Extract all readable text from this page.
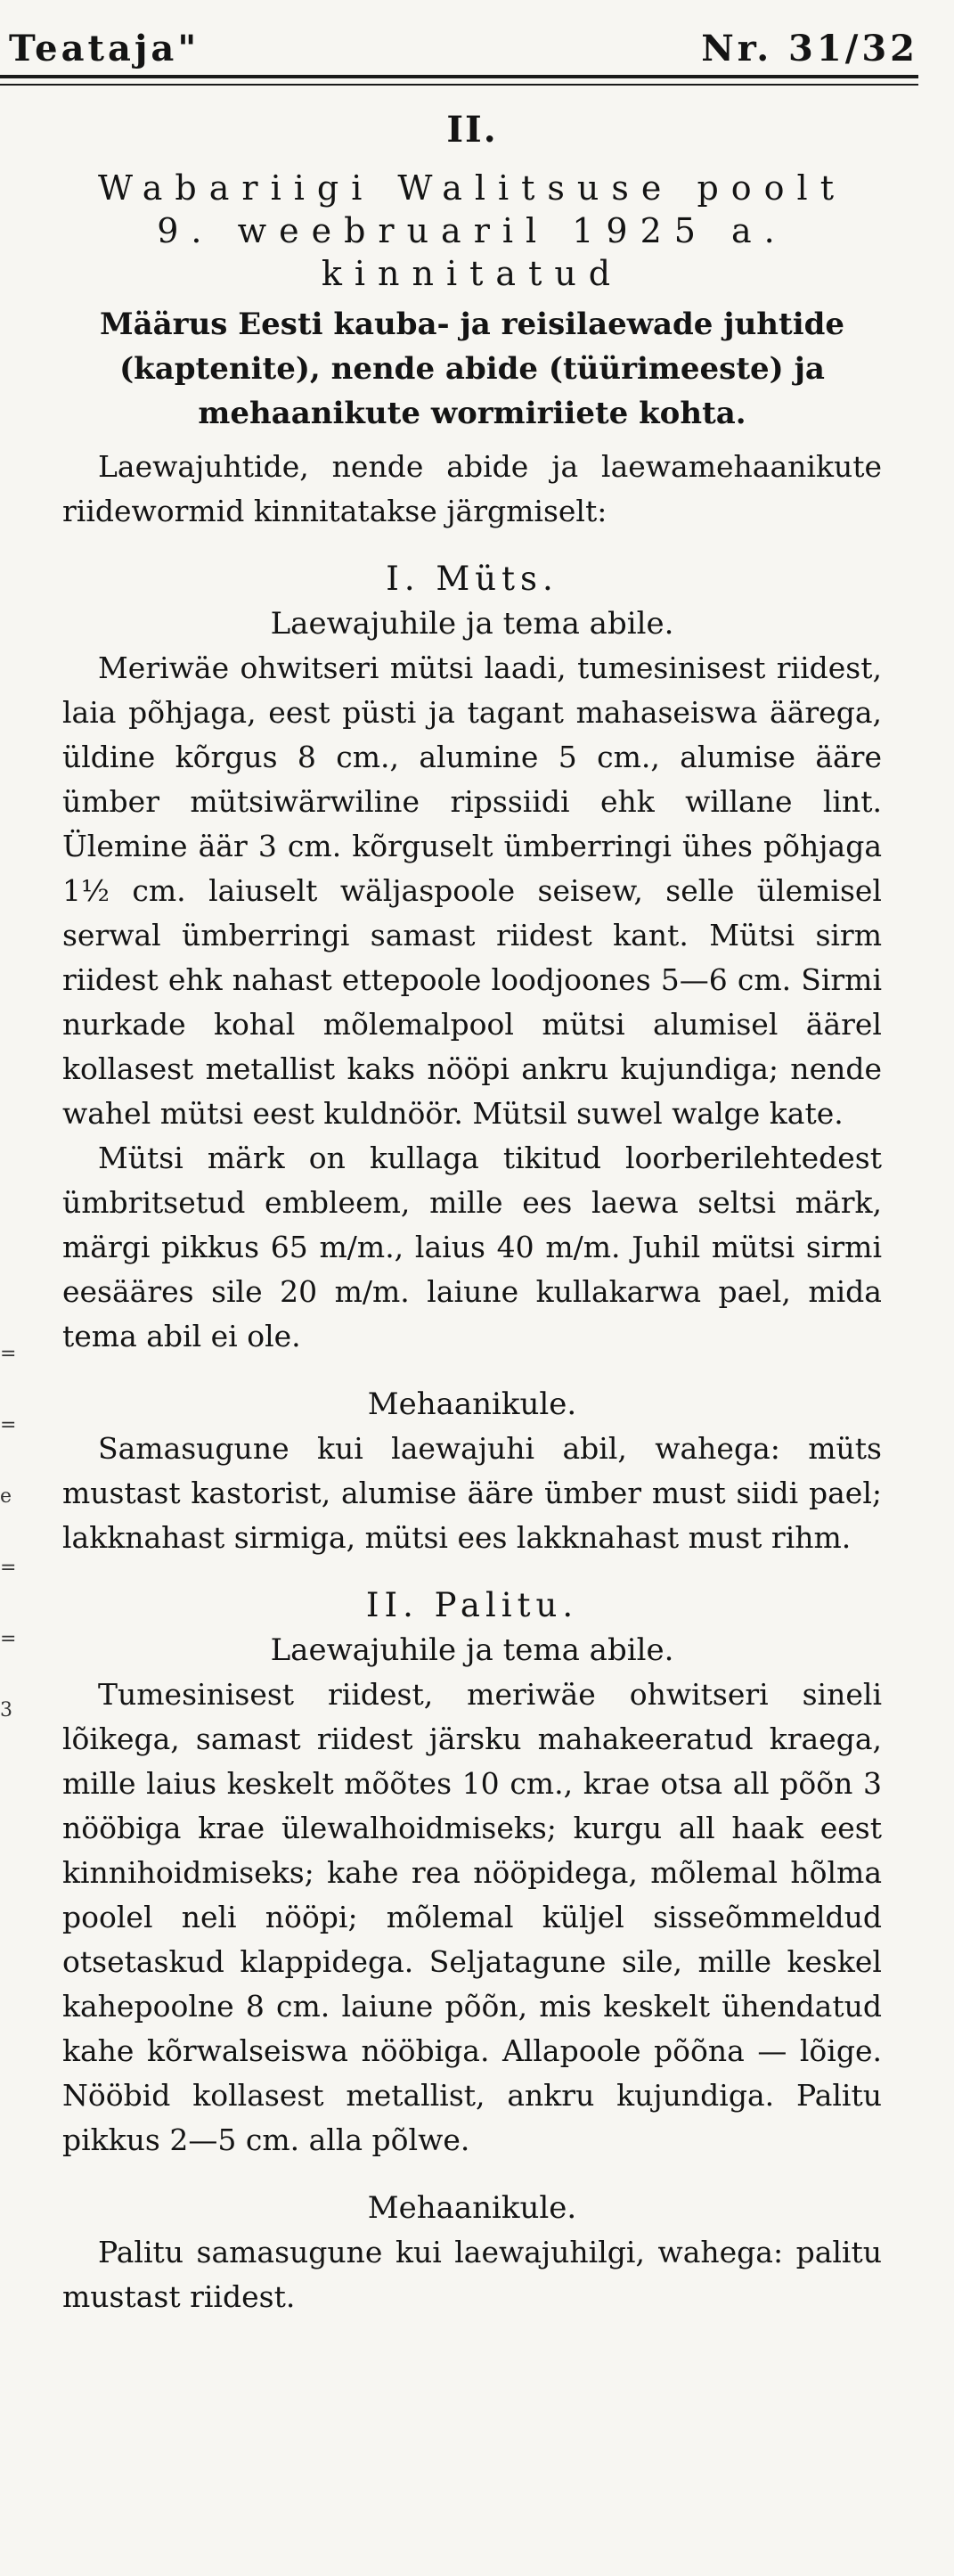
Teataja"	Nr. 31/32
=
=
e
=
=
3
II.
Wabariigi Walitsuse poolt
9. weebruaril 1925 a. kinnitatud
Määrus Eesti kauba- ja reisilaewade juhtide (kaptenite), nende abide (tüürimeeste) ja mehaanikute wormiriiete kohta.

Laewajuhtide, nende abide ja laewamehaanikute riidewormid kinnitatakse järgmiselt:

I. Müts.
Laewajuhile ja tema abile.

Meriwäe ohwitseri mütsi laadi, tumesinisest riidest, laia põhjaga, eest püsti ja tagant mahaseiswa äärega, üldine kõrgus 8 cm., alumine 5 cm., alumise ääre ümber mütsiwärwiline ripssiidi ehk willane lint. Ülemine äär 3 cm. kõrguselt ümberringi ühes põhjaga 1½ cm. laiuselt wäljaspoole seisew, selle ülemisel serwal ümberringi samast riidest kant. Mütsi sirm riidest ehk nahast ettepoole loodjoones 5—6 cm. Sirmi nurkade kohal mõlemalpool mütsi alumisel äärel kollasest metallist kaks nööpi ankru kujundiga; nende wahel mütsi eest kuldnöör. Mütsil suwel walge kate.

Mütsi märk on kullaga tikitud loorberilehtedest ümbritsetud embleem, mille ees laewa seltsi märk, märgi pikkus 65 m/m., laius 40 m/m. Juhil mütsi sirmi eesääres sile 20 m/m. laiune kullakarwa pael, mida tema abil ei ole.

Mehaanikule.

Samasugune kui laewajuhi abil, wahega: müts mustast kastorist, alumise ääre ümber must siidi pael; lakknahast sirmiga, mütsi ees lakknahast must rihm.

II. Palitu.
Laewajuhile ja tema abile.

Tumesinisest riidest, meriwäe ohwitseri sineli lõikega, samast riidest järsku mahakeeratud kraega, mille laius keskelt mõõtes 10 cm., krae otsa all põõn 3 nööbiga krae ülewalhoidmiseks; kurgu all haak eest kinnihoidmiseks; kahe rea nööpidega, mõlemal hõlma poolel neli nööpi; mõlemal küljel sisseõmmeldud otsetaskud klappidega. Seljatagune sile, mille keskel kahepoolne 8 cm. laiune põõn, mis keskelt ühendatud kahe kõrwalseiswa nööbiga. Allapoole põõna — lõige. Nööbid kollasest metallist, ankru kujundiga. Palitu pikkus 2—5 cm. alla põlwe.

Mehaanikule.

Palitu samasugune kui laewajuhilgi, wahega: palitu mustast riidest.
